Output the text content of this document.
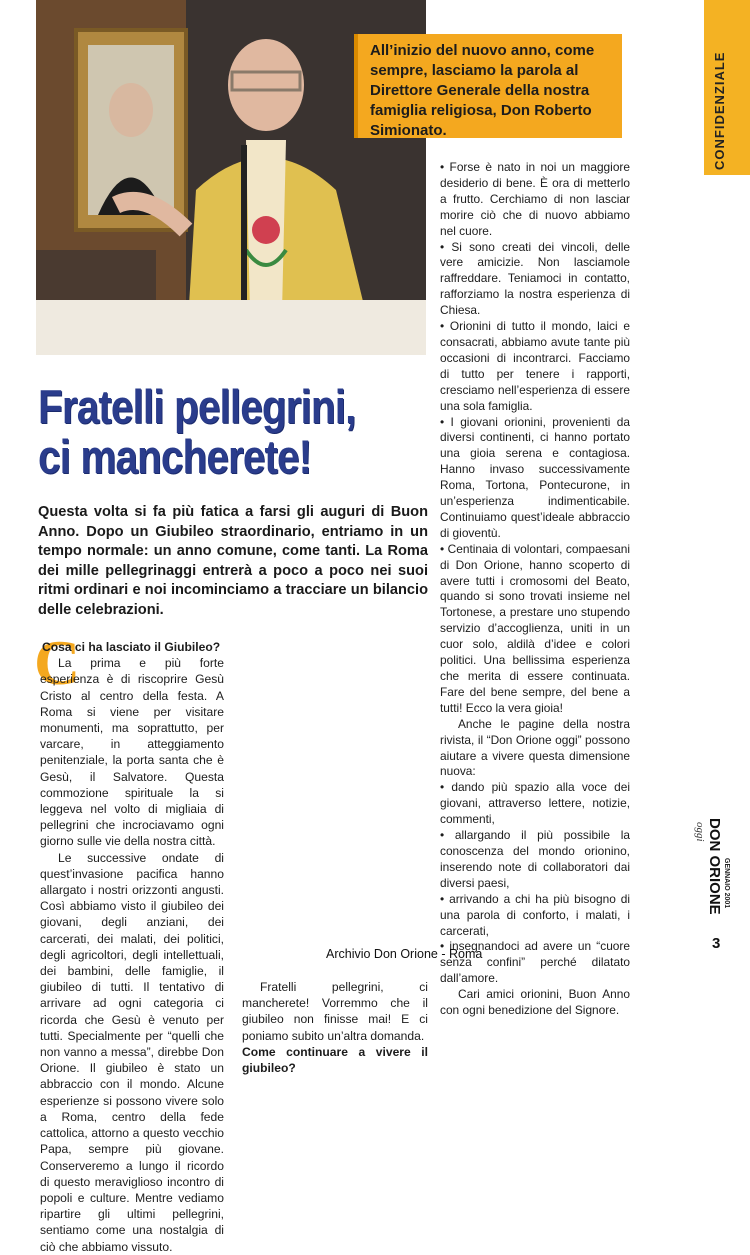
CONFIDENZIALE
All’inizio del nuovo anno, come sempre, lasciamo la parola al Direttore Generale della nostra famiglia religiosa, Don Roberto Simionato.
Fratelli pellegrini,
ci mancherete!
Questa volta si fa più fatica a farsi gli auguri di Buon Anno. Dopo un Giubileo straordinario, entriamo in un tempo normale: un anno comune, come tanti. La Roma dei mille pellegrinaggi entrerà a poco a poco nei suoi ritmi ordinari e noi incominciamo a tracciare un bilancio delle celebrazioni.
C

Cosa ci ha lasciato il Giubileo?

La prima e più forte esperienza è di riscoprire Gesù Cristo al centro della festa. A Roma si viene per visitare monumenti, ma soprattutto, per varcare, in atteggiamento penitenziale, la porta santa che è Gesù, il Salvatore. Questa commozione spirituale la si leggeva nel volto di migliaia di pellegrini che incrociavamo ogni giorno sulle vie della nostra città.

Le successive ondate di quest’invasione pacifica hanno allargato i nostri orizzonti angusti. Così abbiamo visto il giubileo dei giovani, degli anziani, dei carcerati, dei malati, dei politici, degli agricoltori, degli intellettuali, dei bambini, delle famiglie, il giubileo di tutti. Il tentativo di arrivare ad ogni categoria ci ricorda che Gesù è venuto per tutti. Specialmente per “quelli che non vanno a messa”, direbbe Don Orione. Il giubileo è stato un abbraccio con il mondo. Alcune esperienze si possono vivere solo a Roma, centro della fede cattolica, attorno a questo vecchio Papa, sempre più giovane. Conserveremo a lungo il ricordo di questo meraviglioso incontro di popoli e culture. Mentre vediamo ripartire gli ultimi pellegrini, sentiamo come una nostalgia di ciò che abbiamo vissuto.

Fratelli pellegrini, ci mancherete! Vorremmo che il giubileo non finisse mai! E ci poniamo subito un’altra domanda.

Come continuare a vivere il giubileo?

• Forse è nato in noi un maggiore desiderio di bene. È ora di metterlo a frutto. Cerchiamo di non lasciar morire ciò che di nuovo abbiamo nel cuore.

• Si sono creati dei vincoli, delle vere amicizie. Non lasciamole raffreddare. Teniamoci in contatto, rafforziamo la nostra esperienza di Chiesa.

• Orionini di tutto il mondo, laici e consacrati, abbiamo avute tante più occasioni di incontrarci. Facciamo di tutto per tenere i rapporti, cresciamo nell’esperienza di essere una sola famiglia.

• I giovani orionini, provenienti da diversi continenti, ci hanno portato una gioia serena e contagiosa. Hanno invaso successivamente Roma, Tortona, Pontecurone, in un’esperienza indimenticabile. Continuiamo quest’ideale abbraccio di gioventù.

• Centinaia di volontari, compaesani di Don Orione, hanno scoperto di avere tutti i cromosomi del Beato, quando si sono trovati insieme nel Tortonese, a prestare uno stupendo servizio d’accoglienza, uniti in un cuor solo, aldilà d’idee e colori politici. Una bellissima esperienza che merita di essere continuata. Fare del bene sempre, del bene a tutti! Ecco la vera gioia!

Anche le pagine della nostra rivista, il “Don Orione oggi” possono aiutare a vivere questa dimensione nuova:

• dando più spazio alla voce dei giovani, attraverso lettere, notizie, commenti,

• allargando il più possibile la conoscenza del mondo orionino, inserendo note di collaboratori dai diversi paesi,

• arrivando a chi ha più bisogno di una parola di conforto, i malati, i carcerati,

• insegnandoci ad avere un “cuore senza confini” perché dilatato dall’amore.

Cari amici orionini, Buon Anno con ogni benedizione del Signore.

oggi DON ORIONE GENNAIO 2001
3
Archivio Don Orione - Roma
